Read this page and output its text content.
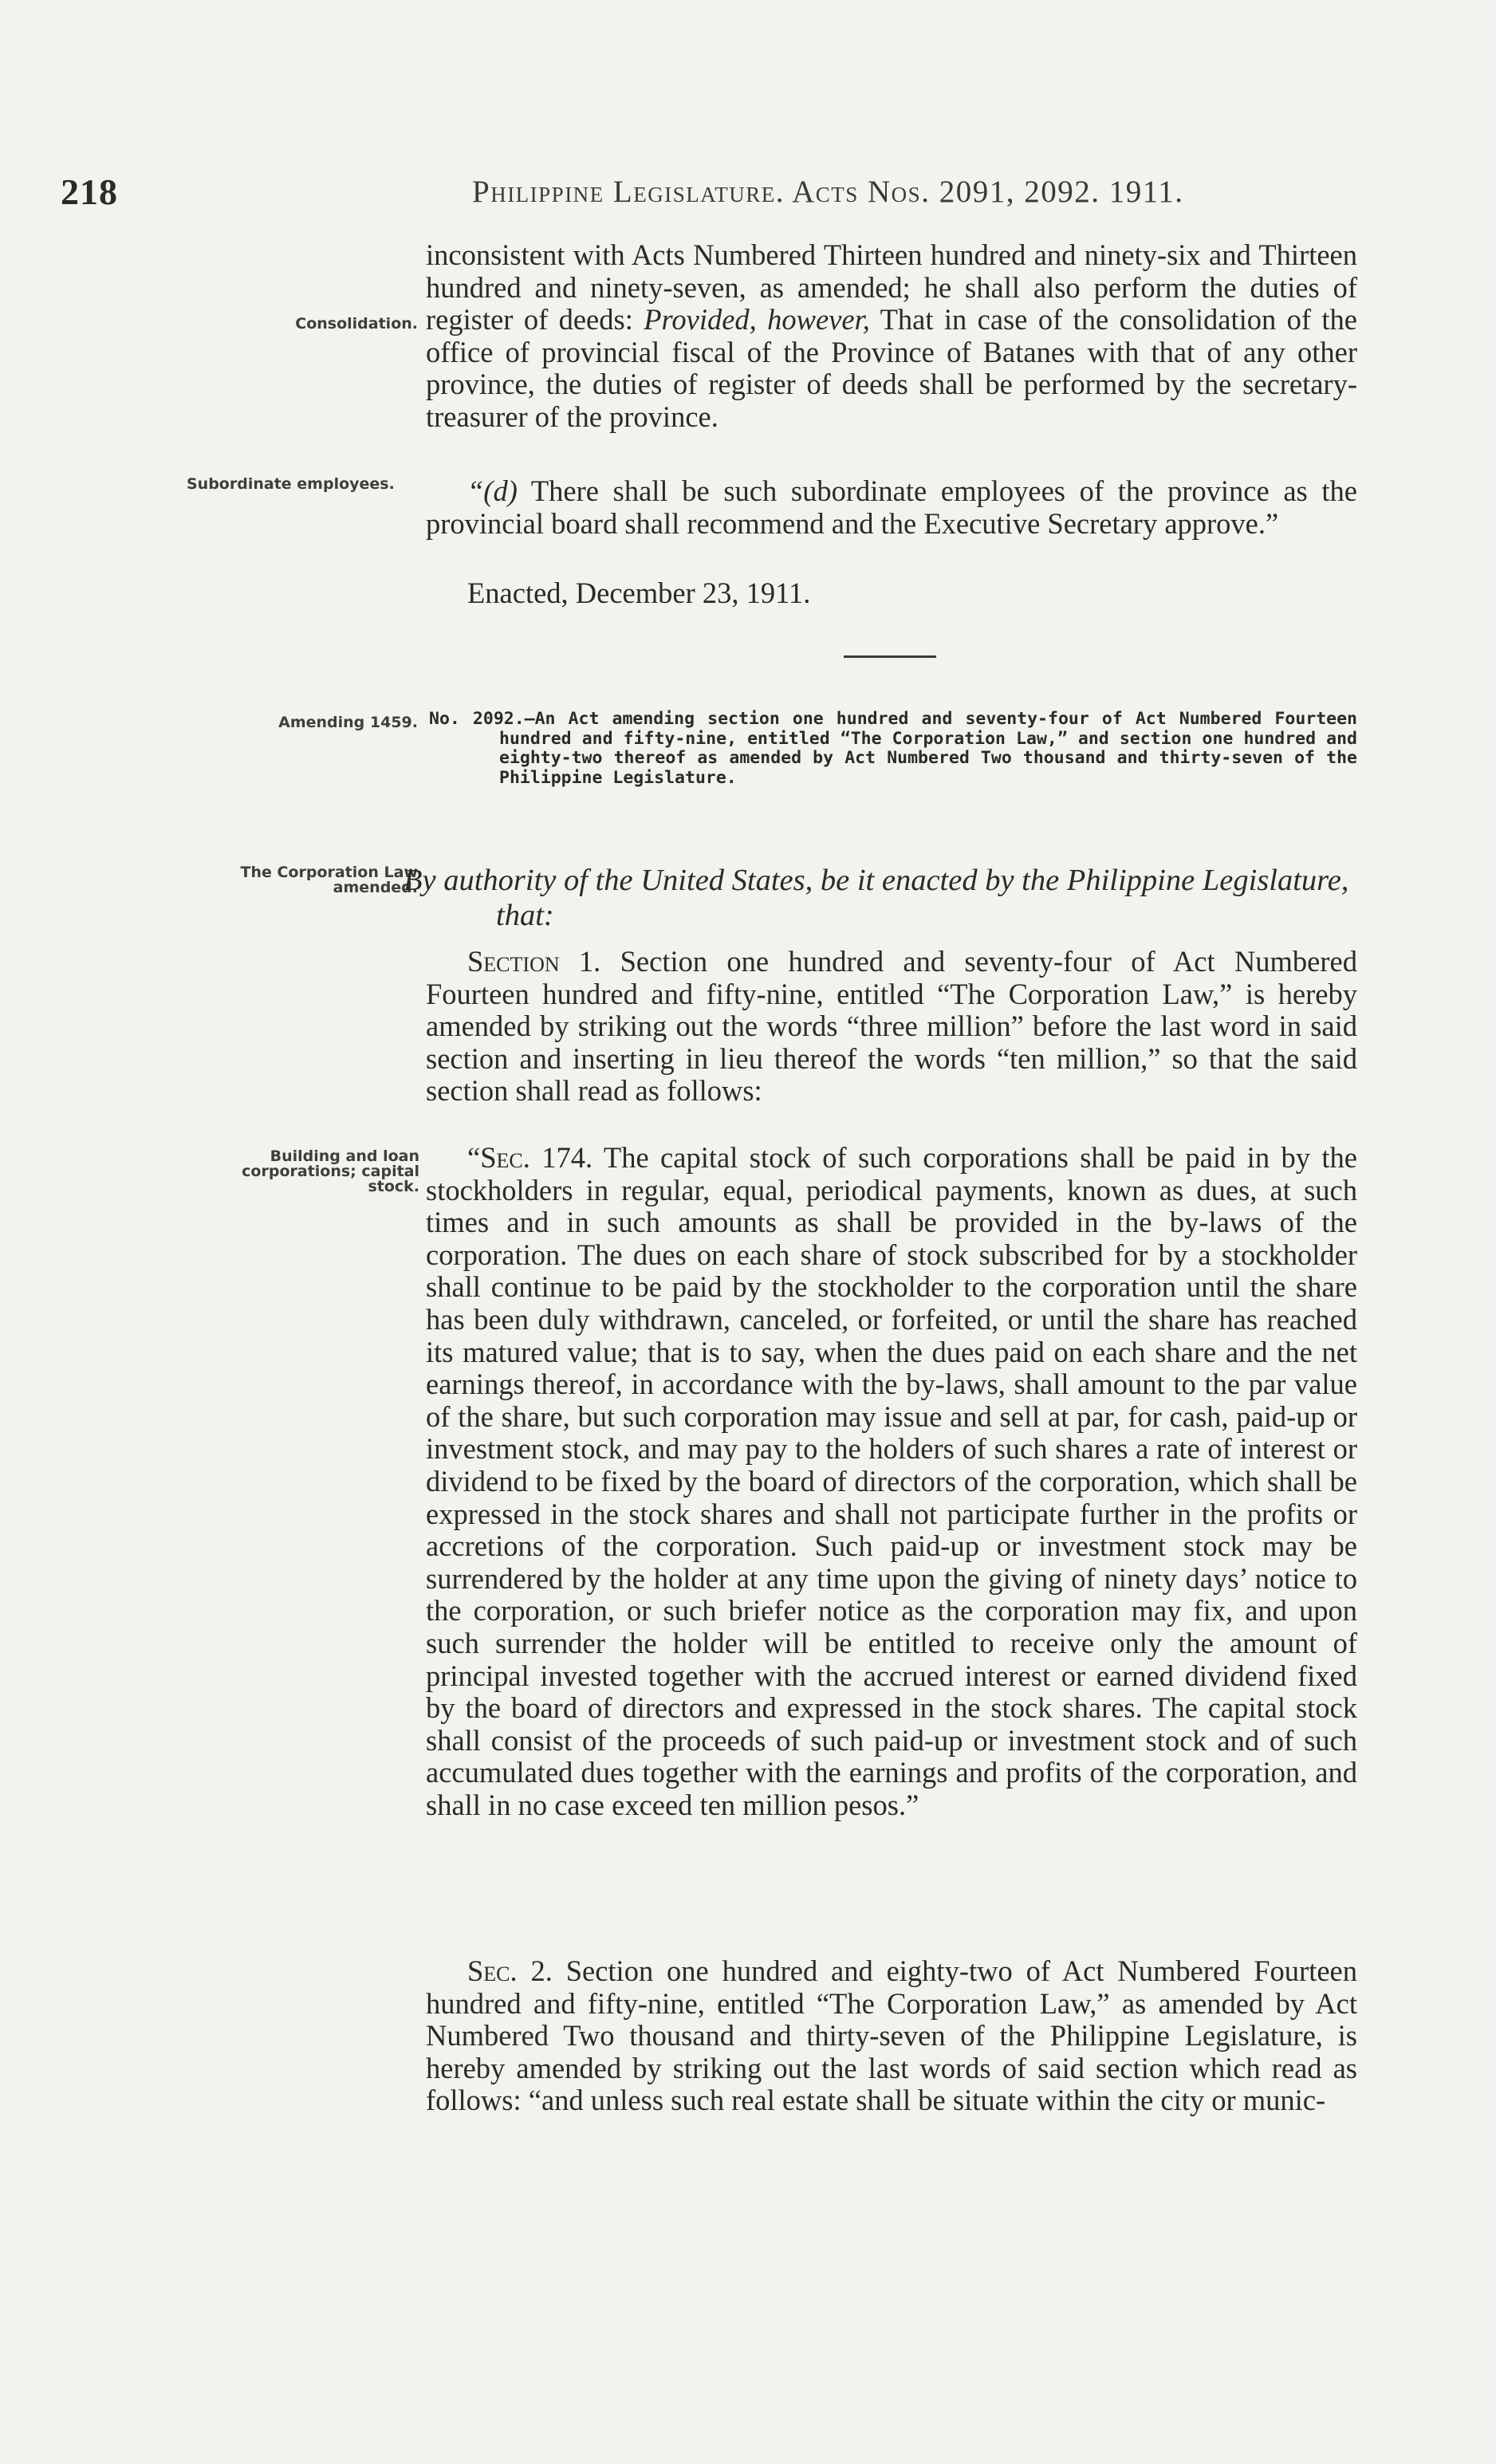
218	Philippine Legislature. Acts Nos. 2091, 2092. 1911.
Consolidation.
Subordinate employees.
Amending 1459.
The Corporation Law amended.
Building and loan corporations; capital stock.
inconsistent with Acts Numbered Thirteen hundred and ninety-six and Thirteen hundred and ninety-seven, as amended; he shall also perform the duties of register of deeds: Provided, however, That in case of the consolidation of the office of provincial fiscal of the Province of Batanes with that of any other province, the duties of register of deeds shall be performed by the secretary-treasurer of the province.
“(d) There shall be such subordinate employees of the province as the provincial board shall recommend and the Executive Secretary approve.”
Enacted, December 23, 1911.
No. 2092.—An Act amending section one hundred and seventy-four of Act Numbered Fourteen hundred and fifty-nine, entitled “The Corporation Law,” and section one hundred and eighty-two thereof as amended by Act Numbered Two thousand and thirty-seven of the Philippine Legislature.
By authority of the United States, be it enacted by the Philippine Legislature, that:
Section 1. Section one hundred and seventy-four of Act Numbered Fourteen hundred and fifty-nine, entitled “The Corporation Law,” is hereby amended by striking out the words “three million” before the last word in said section and inserting in lieu thereof the words “ten million,” so that the said section shall read as follows:
“Sec. 174. The capital stock of such corporations shall be paid in by the stockholders in regular, equal, periodical payments, known as dues, at such times and in such amounts as shall be provided in the by-laws of the corporation. The dues on each share of stock subscribed for by a stockholder shall continue to be paid by the stockholder to the corporation until the share has been duly withdrawn, canceled, or forfeited, or until the share has reached its matured value; that is to say, when the dues paid on each share and the net earnings thereof, in accordance with the by-laws, shall amount to the par value of the share, but such corporation may issue and sell at par, for cash, paid-up or investment stock, and may pay to the holders of such shares a rate of interest or dividend to be fixed by the board of directors of the corporation, which shall be expressed in the stock shares and shall not participate further in the profits or accretions of the corporation. Such paid-up or investment stock may be surrendered by the holder at any time upon the giving of ninety days’ notice to the corporation, or such briefer notice as the corporation may fix, and upon such surrender the holder will be entitled to receive only the amount of principal invested together with the accrued interest or earned dividend fixed by the board of directors and expressed in the stock shares. The capital stock shall consist of the proceeds of such paid-up or investment stock and of such accumulated dues together with the earnings and profits of the corporation, and shall in no case exceed ten million pesos.”
Sec. 2. Section one hundred and eighty-two of Act Numbered Fourteen hundred and fifty-nine, entitled “The Corporation Law,” as amended by Act Numbered Two thousand and thirty-seven of the Philippine Legislature, is hereby amended by striking out the last words of said section which read as follows: “and unless such real estate shall be situate within the city or munic-
